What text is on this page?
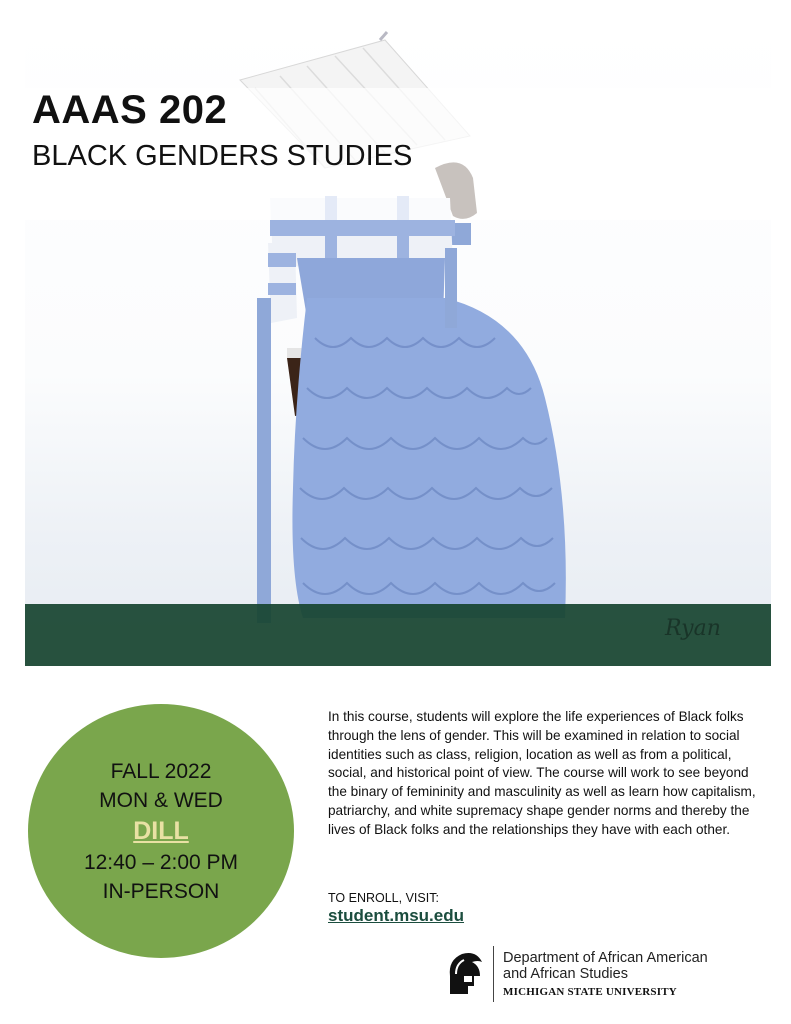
Ryan
AAAS 202
BLACK GENDERS STUDIES
FALL 2022
MON & WED
DILL
12:40 – 2:00 PM
IN-PERSON
In this course, students will explore the life experiences of Black folks through the lens of gender. This will be examined in relation to social identities such as class, religion, location as well as from a political, social, and historical point of view. The course will work to see beyond the binary of femininity and masculinity as well as learn how capitalism, patriarchy, and white supremacy shape gender norms and thereby the lives of Black folks and the relationships they have with each other.
TO ENROLL, VISIT:
student.msu.edu
Department of African American
and African Studies
MICHIGAN STATE UNIVERSITY
